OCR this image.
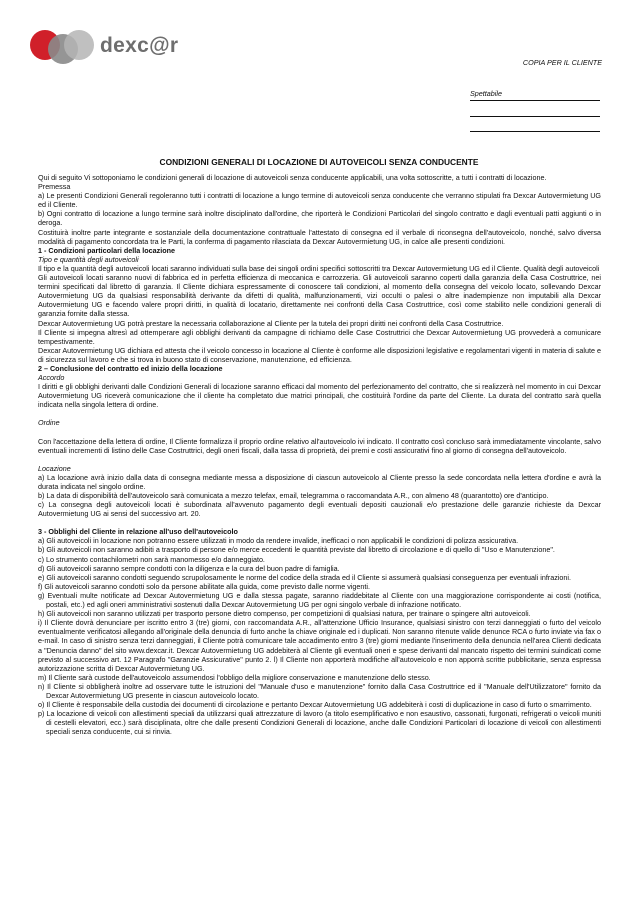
dexc@r
COPIA PER IL CLIENTE
Spettabile
CONDIZIONI GENERALI DI LOCAZIONE DI AUTOVEICOLI SENZA CONDUCENTE

Qui di seguito Vi sottoponiamo le condizioni generali di locazione di autoveicoli senza conducente applicabili, una volta sottoscritte, a tutti i contratti di locazione.

Premessa

a) Le presenti Condizioni Generali regoleranno tutti i contratti di locazione a lungo termine di autoveicoli senza conducente che verranno stipulati fra Dexcar Autovermietung UG ed il Cliente.

b) Ogni contratto di locazione a lungo termine sarà inoltre disciplinato dall'ordine, che riporterà le Condizioni Particolari del singolo contratto e dagli eventuali patti aggiunti o in deroga.

Costituirà inoltre parte integrante e sostanziale della documentazione contrattuale l'attestato di consegna ed il verbale di riconsegna dell'autoveicolo, nonché, salvo diversa modalità di pagamento concordata tra le Parti, la conferma di pagamento rilasciata da Dexcar Autovermietung UG, in calce alle presenti condizioni.

1 - Condizioni particolari della locazione

Tipo e quantità degli autoveicoli

Il tipo e la quantità degli autoveicoli locati saranno individuati sulla base dei singoli ordini specifici sottoscritti tra Dexcar Autovermietung UG ed il Cliente. Qualità degli autoveicoli

Gli autoveicoli locati saranno nuovi di fabbrica ed in perfetta efficienza di meccanica e carrozzeria. Gli autoveicoli saranno coperti dalla garanzia della Casa Costruttrice, nei termini specificati dal libretto di garanzia. Il Cliente dichiara espressamente di conoscere tali condizioni, al momento della consegna del veicolo locato, sollevando Dexcar Autovermietung UG da qualsiasi responsabilità derivante da difetti di qualità, malfunzionamenti, vizi occulti o palesi o altre inadempienze non imputabili alla Dexcar Autovermietung UG e facendo valere propri diritti, in qualità di locatario, direttamente nei confronti della Casa Costruttrice, così come stabilito nelle condizioni generali di garanzia fornite dalla stessa.

Dexcar Autovermietung UG potrà prestare la necessaria collaborazione al Cliente per la tutela dei propri diritti nei confronti della Casa Costruttrice.

Il Cliente si impegna altresì ad ottemperare agli obblighi derivanti da campagne di richiamo delle Case Costruttrici che Dexcar Autovermietung UG provvederà a comunicare tempestivamente.

Dexcar Autovermietung UG dichiara ed attesta che il veicolo concesso in locazione al Cliente è conforme alle disposizioni legislative e regolamentari vigenti in materia di salute e di sicurezza sul lavoro e che si trova in buono stato di conservazione, manutenzione, ed efficienza.

2 – Conclusione del contratto ed inizio della locazione

Accordo

I diritti e gli obblighi derivanti dalle Condizioni Generali di locazione saranno efficaci dal momento del perfezionamento del contratto, che si realizzerà nel momento in cui Dexcar Autovermietung UG riceverà comunicazione che il cliente ha completato due matrici principali, che costituirà l'ordine da parte del Cliente. La durata del contratto sarà quella indicata nella singola lettera di ordine.

Ordine

Con l'accettazione della lettera di ordine, Il Cliente formalizza il proprio ordine relativo all'autoveicolo ivi indicato. Il contratto così concluso sarà immediatamente vincolante, salvo eventuali incrementi di listino delle Case Costruttrici, degli oneri fiscali, dalla tassa di proprietà, dei premi e costi assicurativi fino al giorno di consegna dell'autoveicolo.

Locazione

a) La locazione avrà inizio dalla data di consegna mediante messa a disposizione di ciascun autoveicolo al Cliente presso la sede concordata nella lettera d'ordine e avrà la durata indicata nel singolo ordine.

b) La data di disponibilità dell'autoveicolo sarà comunicata a mezzo telefax, email, telegramma o raccomandata A.R., con almeno 48 (quarantotto) ore d'anticipo.

c) La consegna degli autoveicoli locati è subordinata all'avvenuto pagamento degli eventuali depositi cauzionali e/o prestazione delle garanzie richieste da Dexcar Autovermietung UG ai sensi del successivo art. 20.

3 - Obblighi del Cliente in relazione all'uso dell'autoveicolo

a) Gli autoveicoli in locazione non potranno essere utilizzati in modo da rendere invalide, inefficaci o non applicabili le condizioni di polizza assicurativa.

b) Gli autoveicoli non saranno adibiti a trasporto di persone e/o merce eccedenti le quantità previste dal libretto di circolazione e di quello di "Uso e Manutenzione".

c) Lo strumento contachilometri non sarà manomesso e/o danneggiato.

d) Gli autoveicoli saranno sempre condotti con la diligenza e la cura del buon padre di famiglia.

e) Gli autoveicoli saranno condotti seguendo scrupolosamente le norme del codice della strada ed il Cliente si assumerà qualsiasi conseguenza per eventuali infrazioni.

f) Gli autoveicoli saranno condotti solo da persone abilitate alla guida, come previsto dalle norme vigenti.

g) Eventuali multe notificate ad Dexcar Autovermietung UG e dalla stessa pagate, saranno riaddebitate al Cliente con una maggiorazione corrispondente ai costi (notifica, postali, etc.) ed agli oneri amministrativi sostenuti dalla Dexcar Autovermietung UG per ogni singolo verbale di infrazione notificato.

h) Gli autoveicoli non saranno utilizzati per trasporto persone dietro compenso, per competizioni di qualsiasi natura, per trainare o spingere altri autoveicoli.

i) Il Cliente dovrà denunciare per iscritto entro 3 (tre) giorni, con raccomandata A.R., all'attenzione Ufficio Insurance, qualsiasi sinistro con terzi danneggiati o furto del veicolo eventualmente verificatosi allegando all'originale della denuncia di furto anche la chiave originale ed i duplicati. Non saranno ritenute valide denunce RCA o furto inviate via fax o e-mail. In caso di sinistro senza terzi danneggiati, il Cliente potrà comunicare tale accadimento entro 3 (tre) giorni mediante l'inserimento della denuncia nell'area Clienti dedicata a "Denuncia danno" del sito www.dexcar.it. Dexcar Autovermietung UG addebiterà al Cliente gli eventuali oneri e spese derivanti dal mancato rispetto dei termini suindicati come previsto al successivo art. 12 Paragrafo "Garanzie Assicurative" punto 2. l) Il Cliente non apporterà modifiche all'autoveicolo e non apporrà scritte pubblicitarie, senza espressa autorizzazione scritta di Dexcar Autovermietung UG.

m) Il Cliente sarà custode dell'autoveicolo assumendosi l'obbligo della migliore conservazione e manutenzione dello stesso.

n) Il Cliente si obbligherà inoltre ad osservare tutte le istruzioni del "Manuale d'uso e manutenzione" fornito dalla Casa Costruttrice ed il "Manuale dell'Utilizzatore" fornito da Dexcar Autovermietung UG presente in ciascun autoveicolo locato.

o) Il Cliente è responsabile della custodia dei documenti di circolazione e pertanto Dexcar Autovermietung UG addebiterà i costi di duplicazione in caso di furto o smarrimento.

p) La locazione di veicoli con allestimenti speciali da utilizzarsi quali attrezzature di lavoro (a titolo esemplificativo e non esaustivo, cassonati, furgonati, refrigerati o veicoli muniti di cestelli elevatori, ecc.) sarà disciplinata, oltre che dalle presenti Condizioni Generali di locazione, anche dalle Condizioni Particolari di locazione di veicoli con allestimenti speciali senza conducente, cui si rinvia.
